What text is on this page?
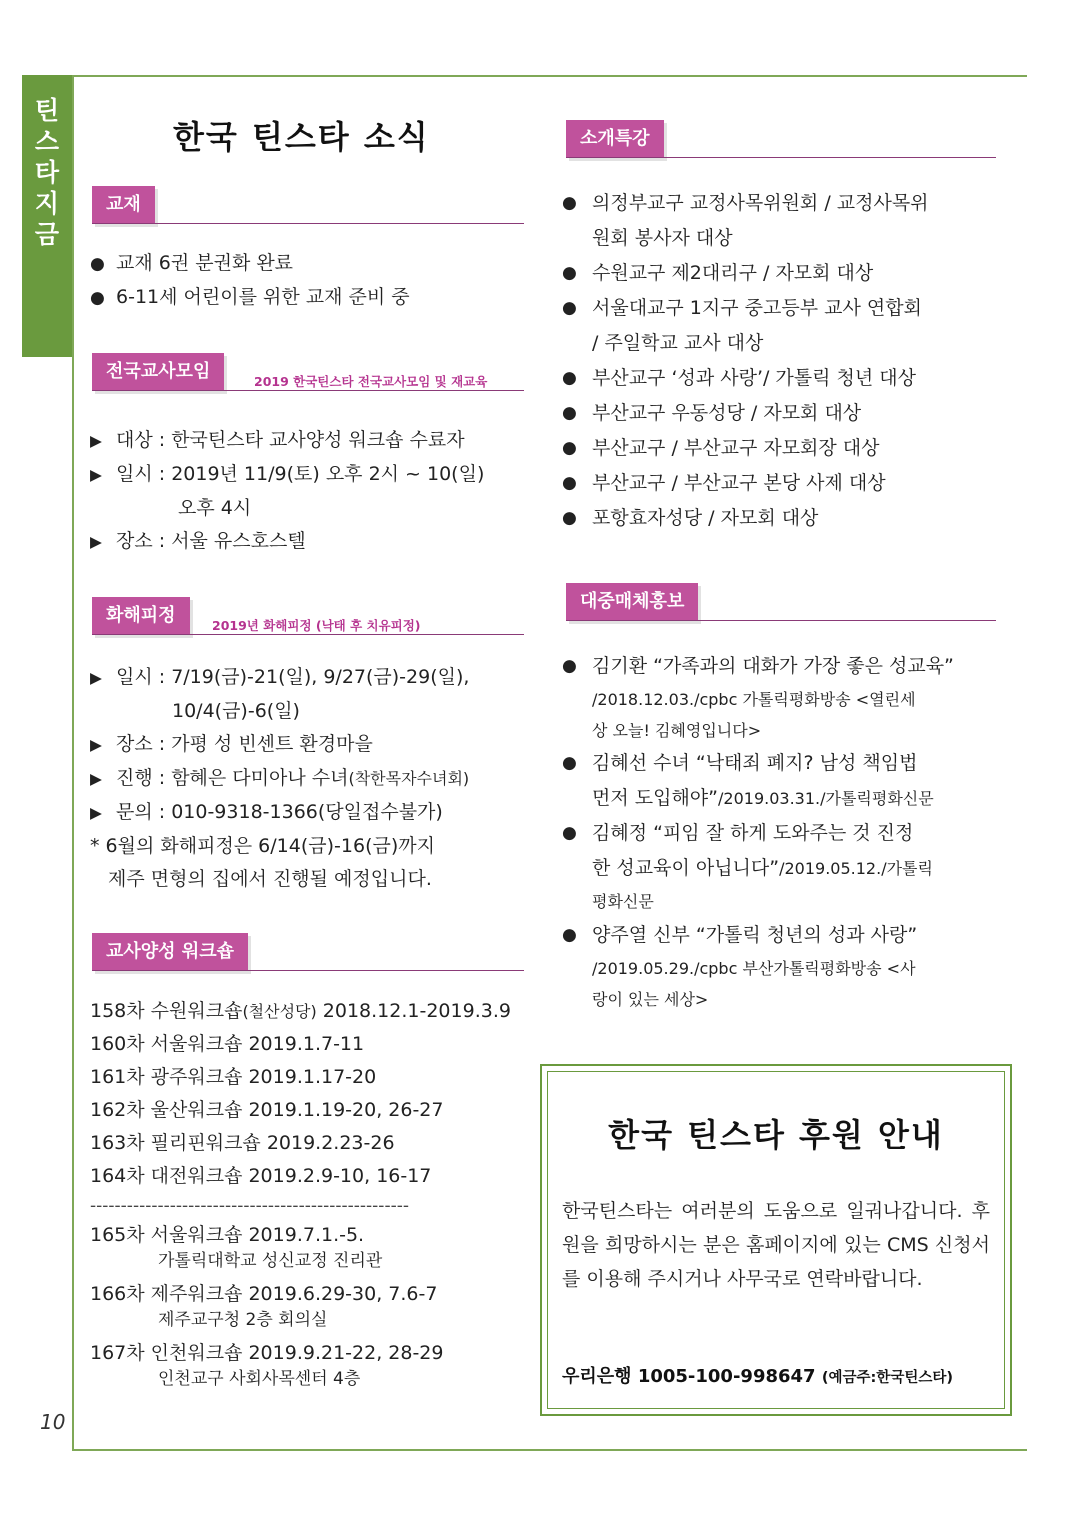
틴
스
타
지
금
10
한국 틴스타 소식
교재
● 교재 6권 분권화 완료
● 6-11세 어린이를 위한 교재 준비 중
전국교사모임	2019 한국틴스타 전국교사모임 및 재교육
▶ 대상 : 한국틴스타 교사양성 워크숍 수료자
▶ 일시 : 2019년 11/9(토) 오후 2시 ~ 10(일)
오후 4시
▶ 장소 : 서울 유스호스텔
화해피정	2019년 화해피정 (낙태 후 치유피정)
▶ 일시 : 7/19(금)-21(일), 9/27(금)-29(일),
10/4(금)-6(일)
▶ 장소 : 가평 성 빈센트 환경마을
▶ 진행 : 함혜은 다미아나 수녀(착한목자수녀회)
▶ 문의 : 010-9318-1366(당일접수불가)
* 6월의 화해피정은 6/14(금)-16(금)까지
제주 면형의 집에서 진행될 예정입니다.
교사양성 워크숍
158차 수원워크숍(철산성당) 2018.12.1-2019.3.9
160차 서울워크숍 2019.1.7-11
161차 광주워크숍 2019.1.17-20
162차 울산워크숍 2019.1.19-20, 26-27
163차 필리핀워크숍 2019.2.23-26
164차 대전워크숍 2019.2.9-10, 16-17
----------------------------------------------------
165차 서울워크숍 2019.7.1.-5.
가톨릭대학교 성신교정 진리관
166차 제주워크숍 2019.6.29-30, 7.6-7
제주교구청 2층 회의실
167차 인천워크숍 2019.9.21-22, 28-29
인천교구 사회사목센터 4층
소개특강
● 의정부교구 교정사목위원회 / 교정사목위
원회 봉사자 대상
● 수원교구 제2대리구 / 자모회 대상
● 서울대교구 1지구 중고등부 교사 연합회
/ 주일학교 교사 대상
● 부산교구 ‘성과 사랑’/ 가톨릭 청년 대상
● 부산교구 우동성당 / 자모회 대상
● 부산교구 / 부산교구 자모회장 대상
● 부산교구 / 부산교구 본당 사제 대상
● 포항효자성당 / 자모회 대상
대중매체홍보
● 김기환 “가족과의 대화가 가장 좋은 성교육”
/2018.12.03./cpbc 가톨릭평화방송 <열린세
상 오늘! 김혜영입니다>
● 김혜선 수녀 “낙태죄 폐지? 남성 책임법
먼저 도입해야”/2019.03.31./가톨릭평화신문
● 김혜정 “피임 잘 하게 도와주는 것 진정
한 성교육이 아닙니다”/2019.05.12./가톨릭
평화신문
● 양주열 신부 “가톨릭 청년의 성과 사랑”
/2019.05.29./cpbc 부산가톨릭평화방송 <사
랑이 있는 세상>
한국 틴스타 후원 안내
한국틴스타는 여러분의 도움으로 일궈나갑니다. 후원을 희망하시는 분은 홈페이지에 있는 CMS 신청서를 이용해 주시거나 사무국로 연락바랍니다.
우리은행 1005-100-998647 (예금주:한국틴스타)
